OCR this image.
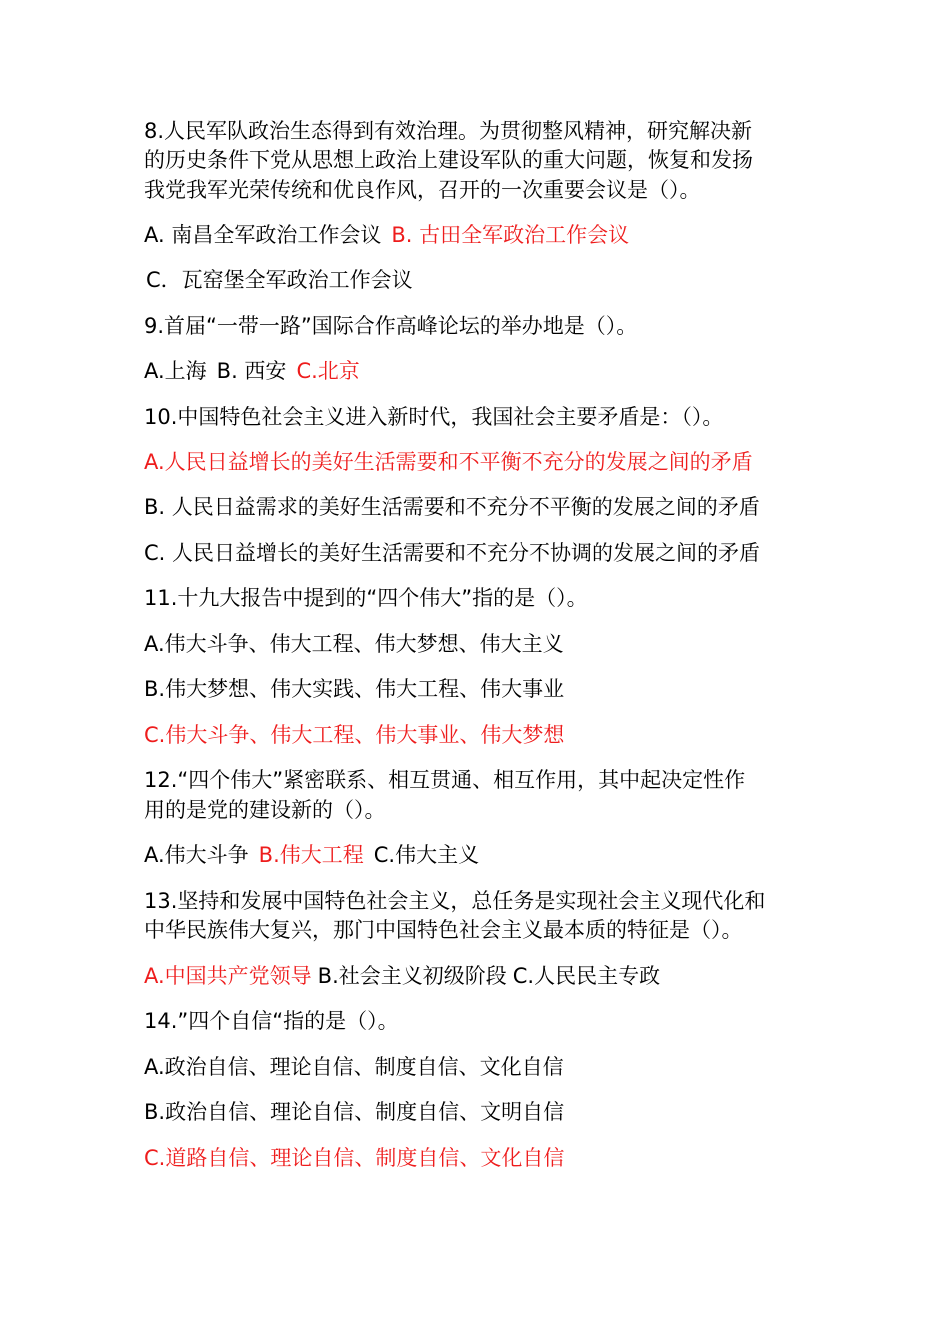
8.人民军队政治生态得到有效治理。为贯彻整风精神，研究解决新
的历史条件下党从思想上政治上建设军队的重大问题，恢复和发扬
我党我军光荣传统和优良作风，召开的一次重要会议是（）。
A. 南昌全军政治工作会议 B. 古田全军政治工作会议
C．瓦窑堡全军政治工作会议
9.首届“一带一路”国际合作高峰论坛的举办地是（）。
A.上海 B. 西安 C.北京
10.中国特色社会主义进入新时代，我国社会主要矛盾是：（）。
A.人民日益增长的美好生活需要和不平衡不充分的发展之间的矛盾
B. 人民日益需求的美好生活需要和不充分不平衡的发展之间的矛盾
C. 人民日益增长的美好生活需要和不充分不协调的发展之间的矛盾
11.十九大报告中提到的“四个伟大”指的是（）。
A.伟大斗争、伟大工程、伟大梦想、伟大主义
B.伟大梦想、伟大实践、伟大工程、伟大事业
C.伟大斗争、伟大工程、伟大事业、伟大梦想
12.“四个伟大”紧密联系、相互贯通、相互作用，其中起决定性作
用的是党的建设新的（）。
A.伟大斗争 B.伟大工程 C.伟大主义
13.坚持和发展中国特色社会主义，总任务是实现社会主义现代化和
中华民族伟大复兴，那门中国特色社会主义最本质的特征是（）。
A.中国共产党领导 B.社会主义初级阶段 C.人民民主专政
14.”四个自信“指的是（）。
A.政治自信、理论自信、制度自信、文化自信
B.政治自信、理论自信、制度自信、文明自信
C.道路自信、理论自信、制度自信、文化自信
